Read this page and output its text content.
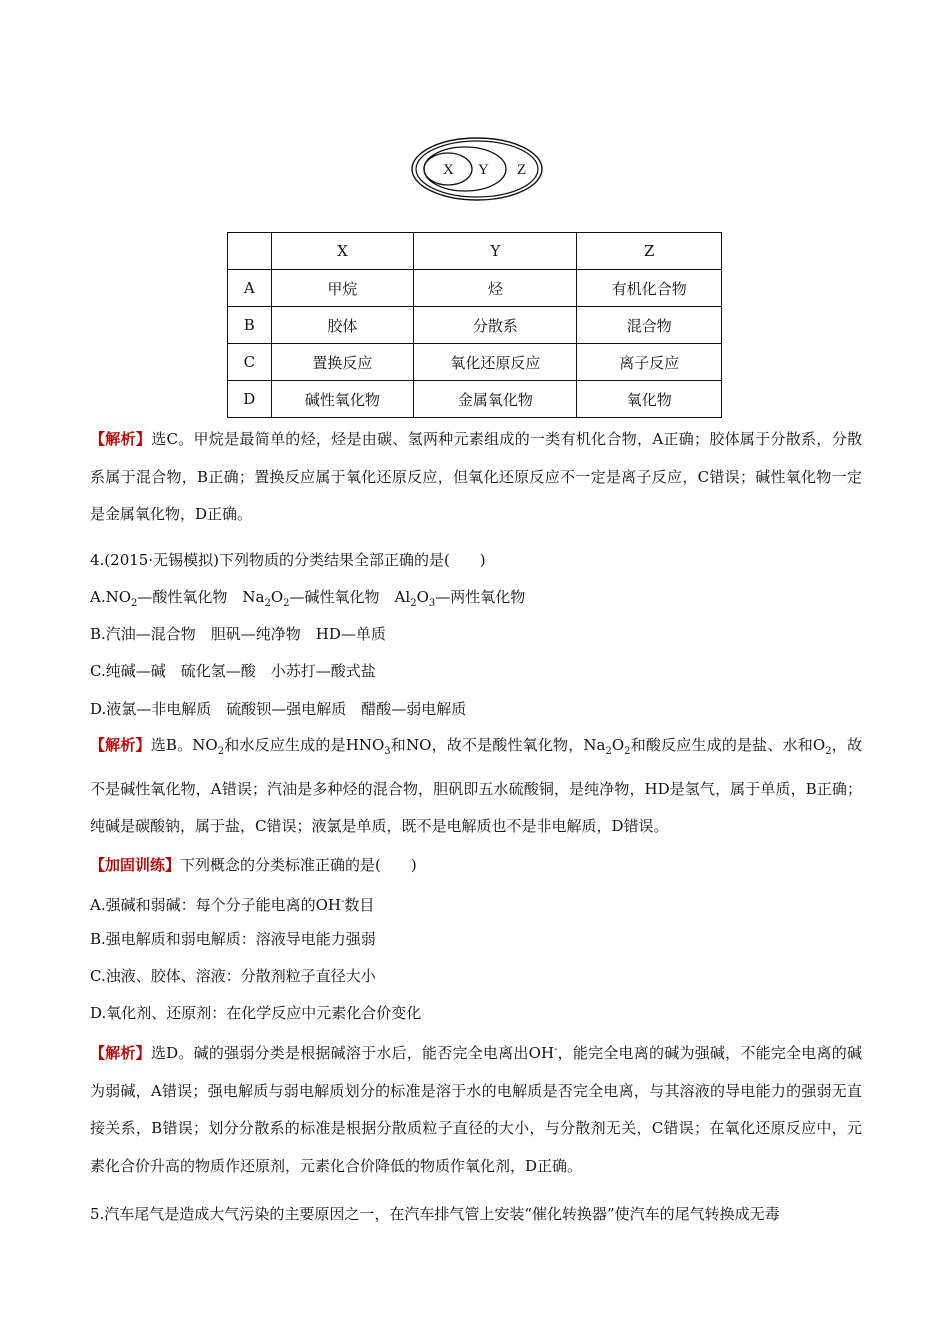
X Y Z
	X	Y	Z
A	甲烷	烃	有机化合物
B	胶体	分散系	混合物
C	置换反应	氧化还原反应	离子反应
D	碱性氧化物	金属氧化物	氧化物

【解析】选C。甲烷是最简单的烃，烃是由碳、氢两种元素组成的一类有机化合物，A正确；胶体属于分散系，分散系属于混合物，B正确；置换反应属于氧化还原反应，但氧化还原反应不一定是离子反应，C错误；碱性氧化物一定是金属氧化物，D正确。

4.(2015·无锡模拟)下列物质的分类结果全部正确的是(　　)
$A.NO_2—$酸性氧化物　$Na_2O_2—$碱性氧化物　$Al_2O_3—$两性氧化物
B.汽油—混合物　胆矾—纯净物　HD—单质
C.纯碱—碱　硫化氢—酸　小苏打—酸式盐
D.液氯—非电解质　硫酸钡—强电解质　醋酸—弱电解质

【解析】选B。$NO_2$和水反应生成的是$HNO_3$和NO，故不是酸性氧化物，$Na_2O_2$和酸反应生成的是盐、水和$O_2$，故不是碱性氧化物，A错误；汽油是多种烃的混合物，胆矾即五水硫酸铜，是纯净物，HD是氢气，属于单质，B正确；纯碱是碳酸钠，属于盐，C错误；液氯是单质，既不是电解质也不是非电解质，D错误。

【加固训练】下列概念的分类标准正确的是(　　)
A.强碱和弱碱：每个分子能电离的OH-数目
B.强电解质和弱电解质：溶液导电能力强弱
C.浊液、胶体、溶液：分散剂粒子直径大小
D.氧化剂、还原剂：在化学反应中元素化合价变化

【解析】选D。碱的强弱分类是根据碱溶于水后，能否完全电离出OH-，能完全电离的碱为强碱，不能完全电离的碱为弱碱，A错误；强电解质与弱电解质划分的标准是溶于水的电解质是否完全电离，与其溶液的导电能力的强弱无直接关系，B错误；划分分散系的标准是根据分散质粒子直径的大小，与分散剂无关，C错误；在氧化还原反应中，元素化合价升高的物质作还原剂，元素化合价降低的物质作氧化剂，D正确。

5.汽车尾气是造成大气污染的主要原因之一，在汽车排气管上安装“催化转换器”使汽车的尾气转换成无毒
